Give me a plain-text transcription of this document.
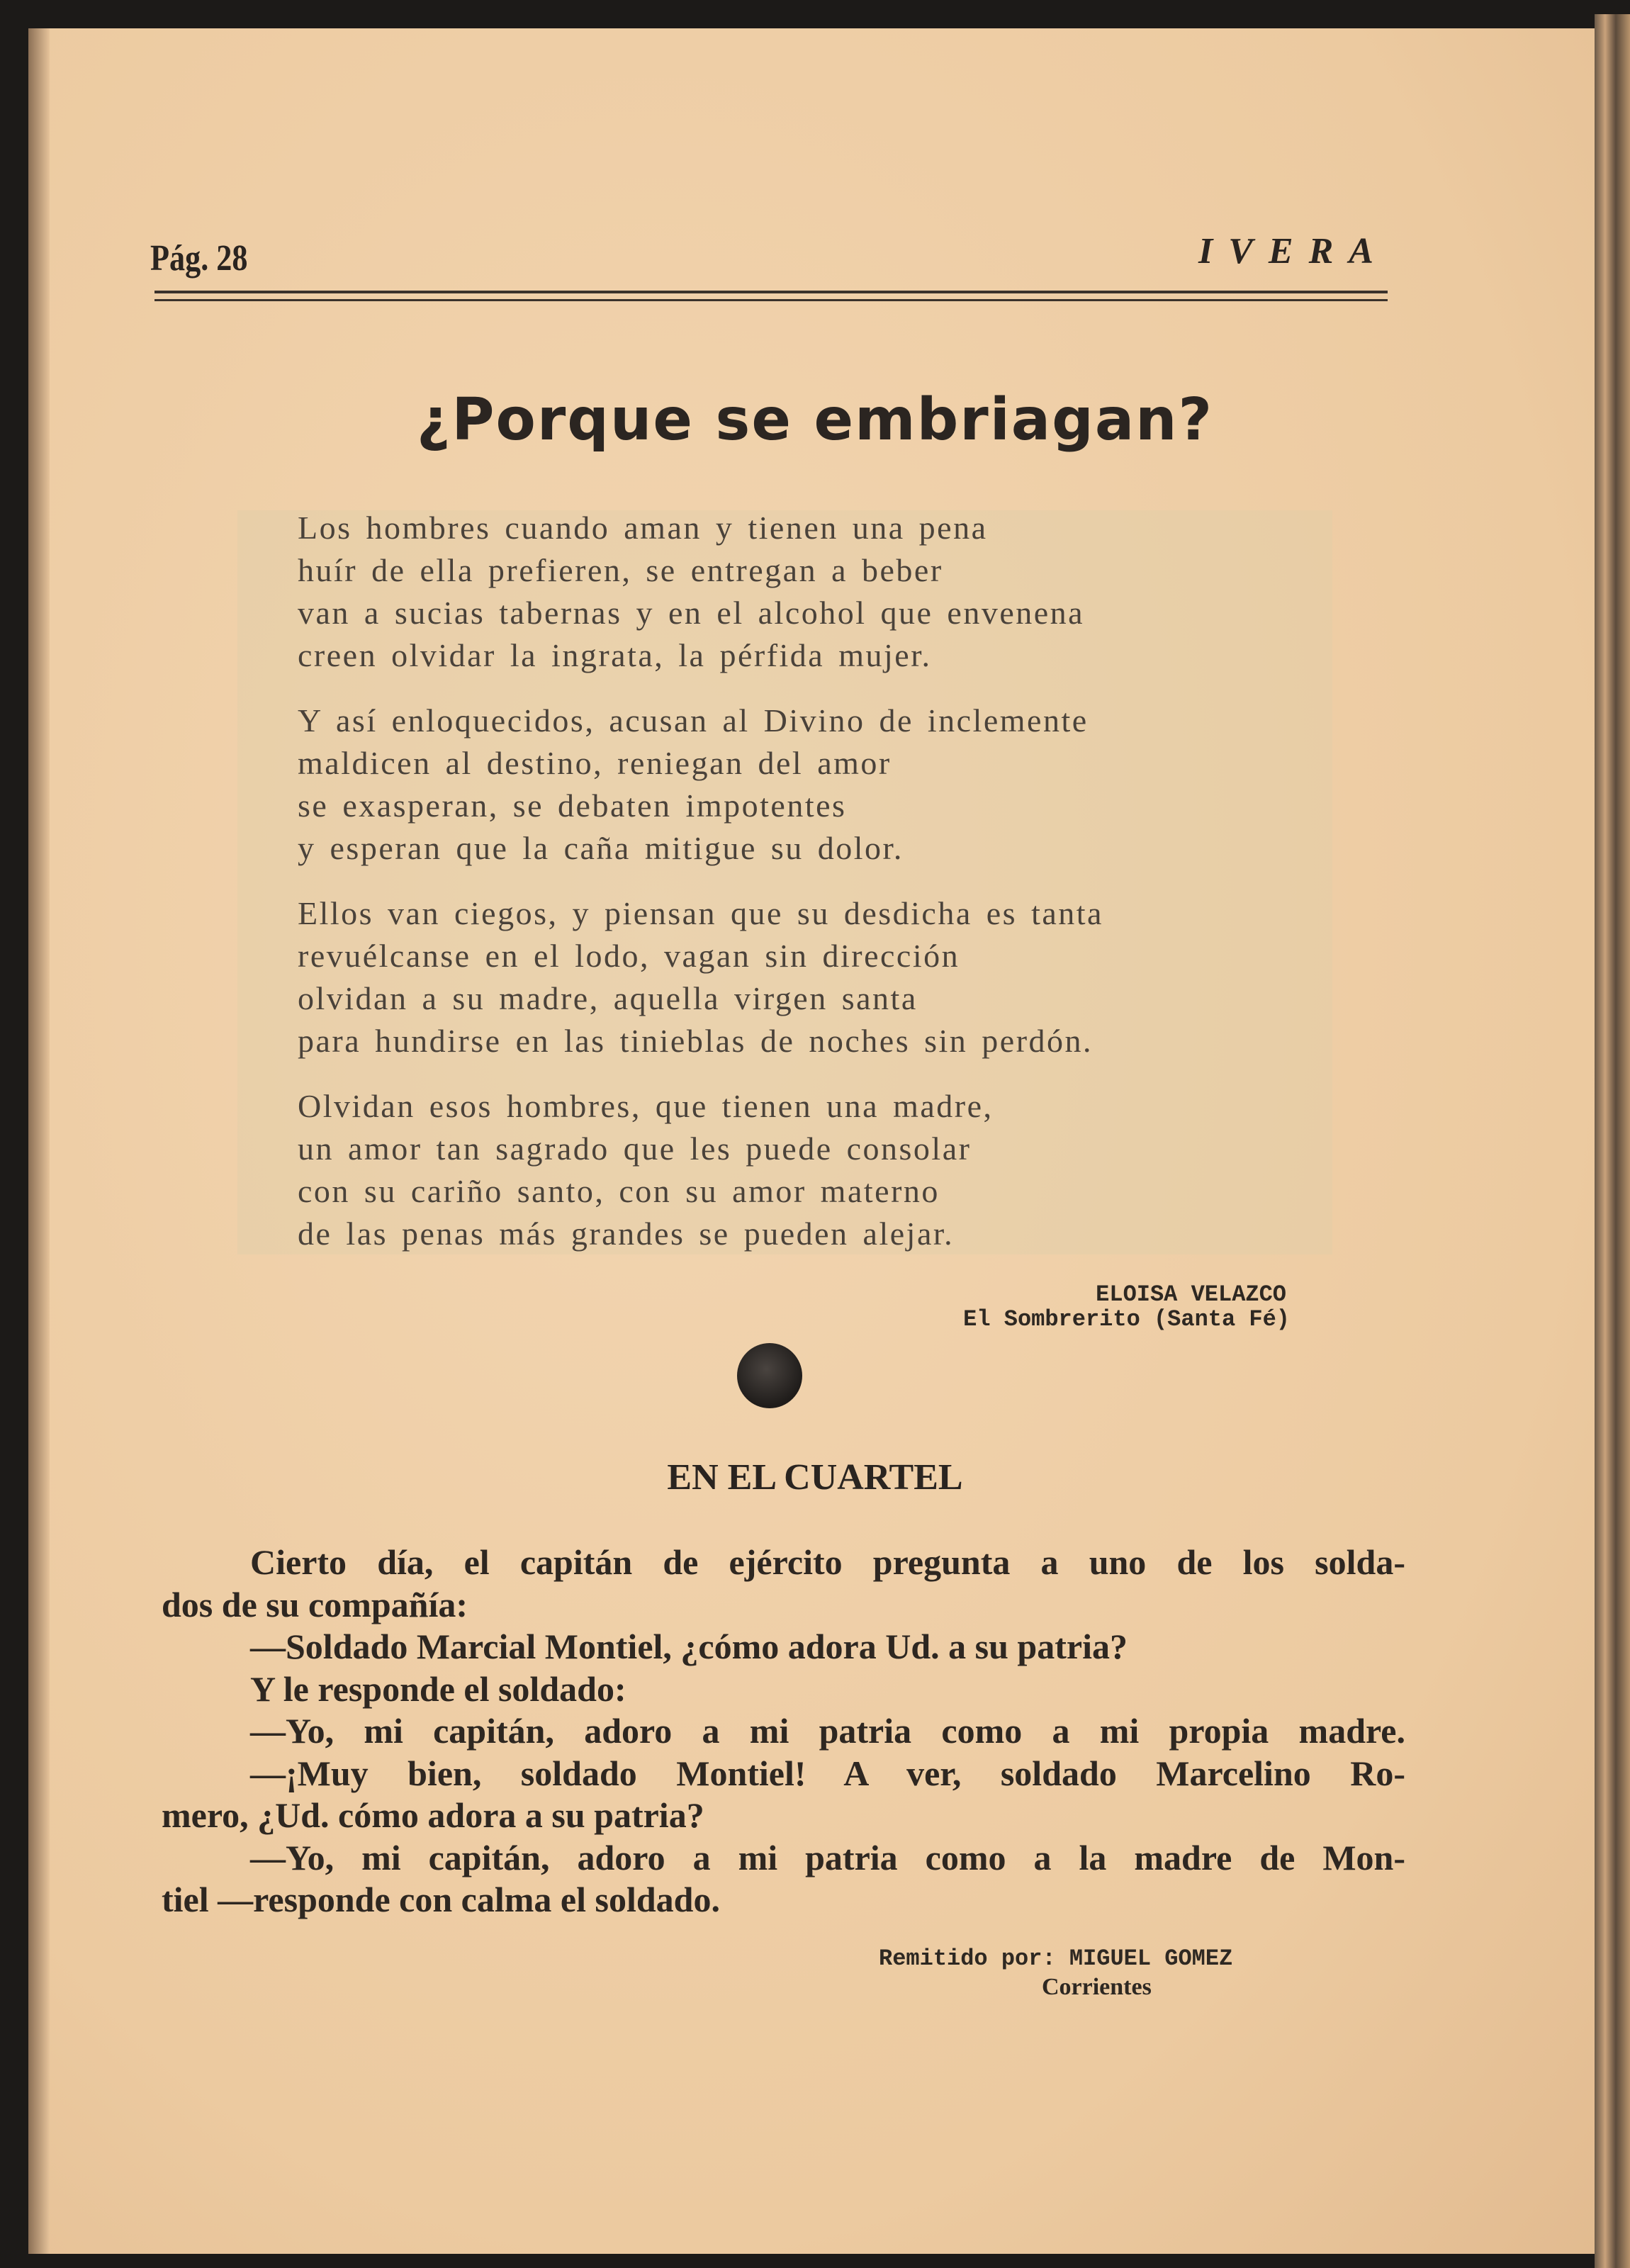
Pág. 28	IVERA
¿Porque se embriagan?
Los hombres cuando aman y tienen una pena
huír de ella prefieren, se entregan a beber
van a sucias tabernas y en el alcohol que envenena
creen olvidar la ingrata, la pérfida mujer.
Y así enloquecidos, acusan al Divino de inclemente
maldicen al destino, reniegan del amor
se exasperan, se debaten impotentes
y esperan que la caña mitigue su dolor.
Ellos van ciegos, y piensan que su desdicha es tanta
revuélcanse en el lodo, vagan sin dirección
olvidan a su madre, aquella virgen santa
para hundirse en las tinieblas de noches sin perdón.
Olvidan esos hombres, que tienen una madre,
un amor tan sagrado que les puede consolar
con su cariño santo, con su amor materno
de las penas más grandes se pueden alejar.
ELOISA VELAZCO
El Sombrerito (Santa Fé)
EN EL CUARTEL
Cierto día, el capitán de ejército pregunta a uno de los solda-
dos de su compañía:
—Soldado Marcial Montiel, ¿cómo adora Ud. a su patria?
Y le responde el soldado:
—Yo, mi capitán, adoro a mi patria como a mi propia madre.
—¡Muy bien, soldado Montiel! A ver, soldado Marcelino Ro-
mero, ¿Ud. cómo adora a su patria?
—Yo, mi capitán, adoro a mi patria como a la madre de Mon-
tiel —responde con calma el soldado.
Remitido por: MIGUEL GOMEZ
Corrientes
